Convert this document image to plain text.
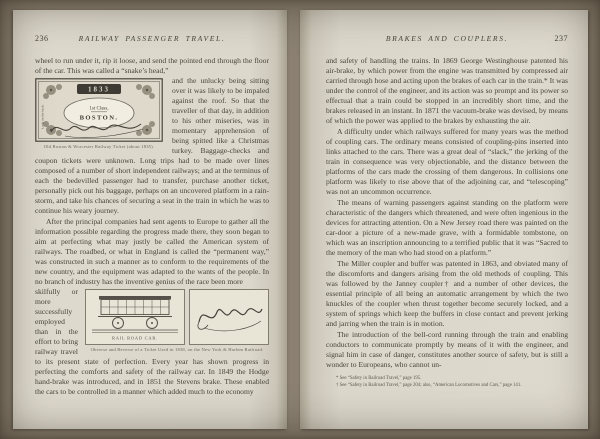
236	RAILWAY PASSENGER TRAVEL.

wheel to run under it, rip it loose, and send the pointed end through the floor of the car. This was called a “snake’s head,”

Look on the back.
1833
1st Class,
BOSTON.
Old Boston & Worcester Railway Ticket (about 1835).

and the unlucky being sitting over it was likely to be impaled against the roof. So that the traveller of that day, in addition to his other miseries, was in momentary apprehension of being spitted like a Christmas turkey. Baggage-checks and coupon tickets were unknown. Long trips had to be made over lines composed of a number of short independent railways; and at the terminus of each the bedevilled passenger had to transfer, purchase another ticket, personally pick out his baggage, perhaps on an uncovered platform in a rain-storm, and take his chances of securing a seat in the train in which he was to continue his weary journey.

After the principal companies had sent agents to Europe to gather all the information possible regarding the progress made there, they soon began to aim at perfecting what may justly be called the American system of railways. The roadbed, or what in England is called the “permanent way,” was constructed in such a manner as to conform to the requirements of the new country, and the equipment was adapted to the wants of the people. In no branch of industry has the inventive genius of the race been more

RAIL ROAD CAR.
Obverse and Reverse of a Ticket Used in 1838, on the New York & Harlem Railroad.

skilfully or more successfully employed than in the effort to bring railway travel to its present state of perfection. Every year has shown progress in perfecting the comforts and safety of the railway car. In 1849 the Hodge hand-brake was introduced, and in 1851 the Stevens brake. These enabled the cars to be controlled in a manner which added much to the economy

BRAKES AND COUPLERS.	237

and safety of handling the trains. In 1869 George Westinghouse patented his air-brake, by which power from the engine was transmitted by compressed air carried through hose and acting upon the brakes of each car in the train.* It was under the control of the engineer, and its action was so prompt and its power so effectual that a train could be stopped in an incredibly short time, and the brakes released in an instant. In 1871 the vacuum-brake was devised, by means of which the power was applied to the brakes by exhausting the air.

A difficulty under which railways suffered for many years was the method of coupling cars. The ordinary means consisted of coupling-pins inserted into links attached to the cars. There was a great deal of “slack,” the jerking of the train in consequence was very objectionable, and the distance between the platforms of the cars made the crossing of them dangerous. In collisions one platform was likely to rise above that of the adjoining car, and “telescoping” was not an uncommon occurrence.

The means of warning passengers against standing on the platform were characteristic of the dangers which threatened, and were often ingenious in the devices for attracting attention. On a New Jersey road there was painted on the car-door a picture of a new-made grave, with a formidable tombstone, on which was an inscription announcing to a terrified public that it was “Sacred to the memory of the man who had stood on a platform.”

The Miller coupler and buffer was patented in 1863, and obviated many of the discomforts and dangers arising from the old methods of coupling. This was followed by the Janney coupler† and a number of other devices, the essential principle of all being an automatic arrangement by which the two knuckles of the coupler when thrust together become securely locked, and a system of springs which keep the buffers in close contact and prevent jerking and jarring when the train is in motion.

The introduction of the bell-cord running through the train and enabling conductors to communicate promptly by means of it with the engineer, and signal him in case of danger, constitutes another source of safety, but is still a wonder to Europeans, who cannot un-

* See “Safety in Railroad Travel,” page 195.
† See “Safety in Railroad Travel,” page 204; also, “American Locomotives and Cars,” page 141.
